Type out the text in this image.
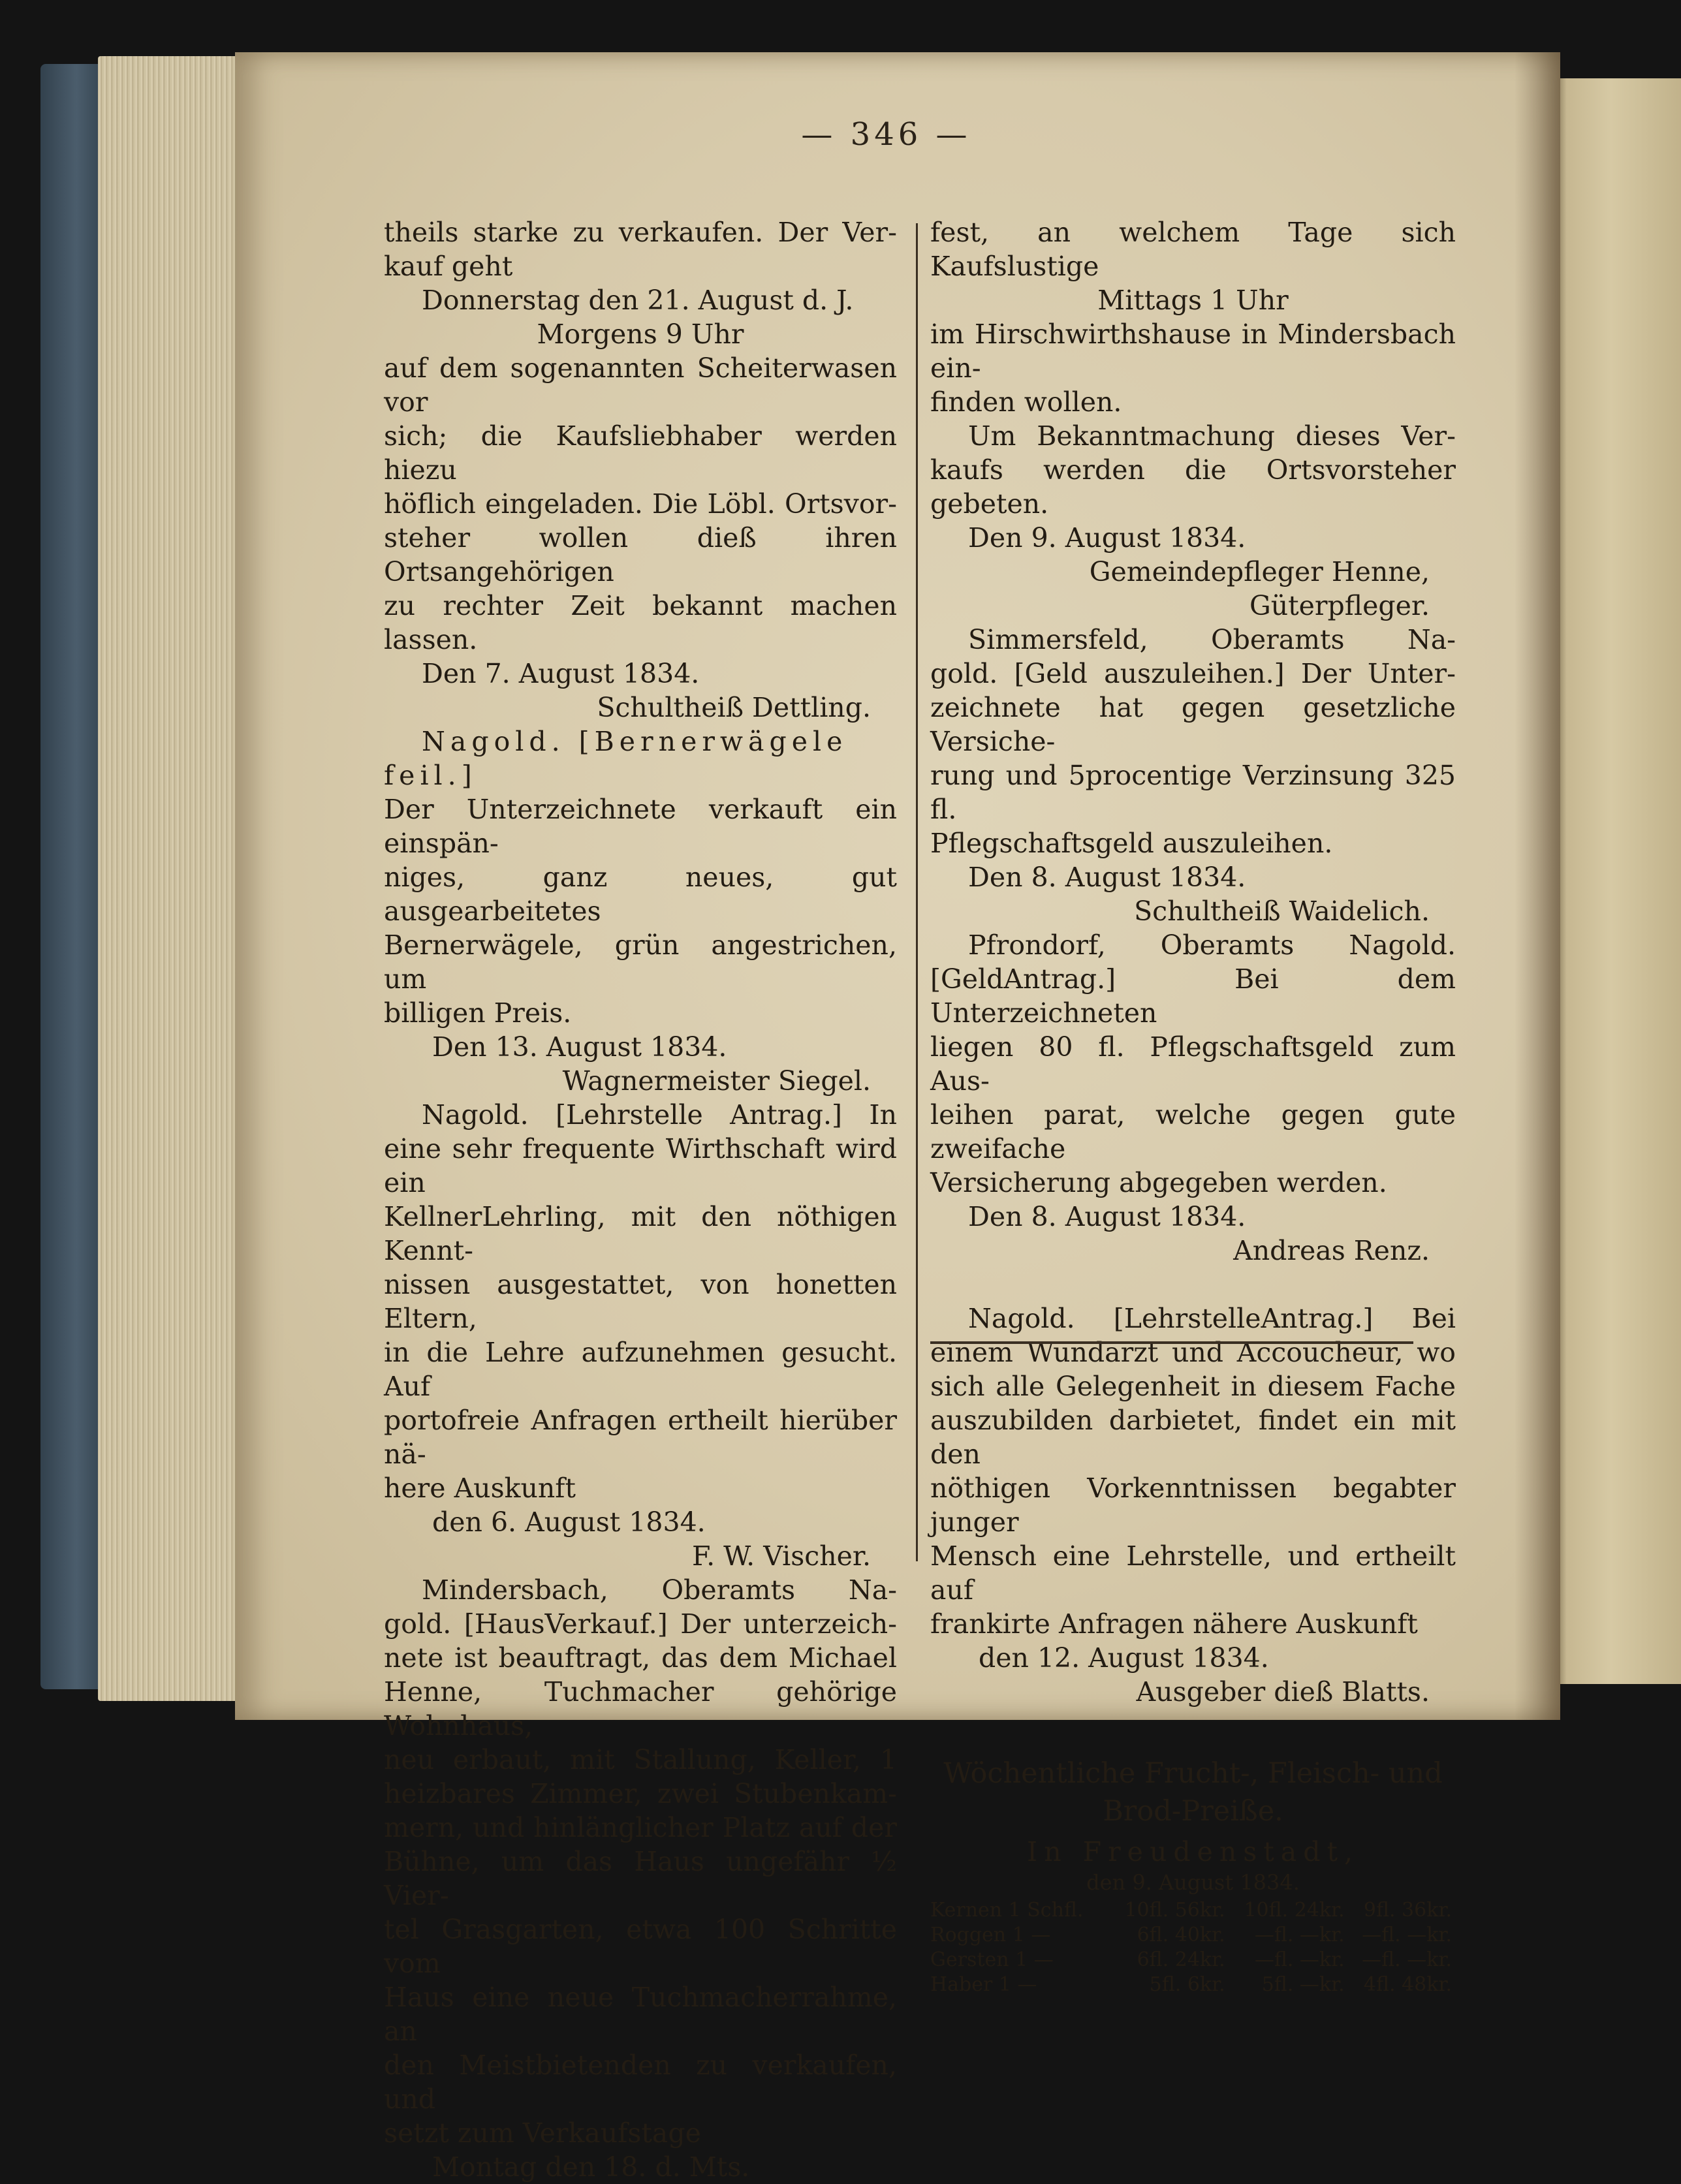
— 346 —

theils starke zu verkaufen. Der Ver-

kauf geht

Donnerstag den 21. August d. J.

Morgens 9 Uhr

auf dem sogenannten Scheiterwasen vor

sich; die Kaufsliebhaber werden hiezu

höflich eingeladen. Die Löbl. Ortsvor-

steher wollen dieß ihren Ortsangehörigen

zu rechter Zeit bekannt machen lassen.

Den 7. August 1834.

Schultheiß Dettling.

Nagold. [Bernerwägele feil.]

Der Unterzeichnete verkauft ein einspän-

niges, ganz neues, gut ausgearbeitetes

Bernerwägele, grün angestrichen, um

billigen Preis.

Den 13. August 1834.

Wagnermeister Siegel.

Nagold. [Lehrstelle Antrag.] In

eine sehr frequente Wirthschaft wird ein

KellnerLehrling, mit den nöthigen Kennt-

nissen ausgestattet, von honetten Eltern,

in die Lehre aufzunehmen gesucht. Auf

portofreie Anfragen ertheilt hierüber nä-

here Auskunft

den 6. August 1834.

F. W. Vischer.

Mindersbach, Oberamts Na-

gold. [HausVerkauf.] Der unterzeich-

nete ist beauftragt, das dem Michael

Henne, Tuchmacher gehörige Wohnhaus,

neu erbaut, mit Stallung, Keller, 1

heizbares Zimmer, zwei Stubenkam-

mern, und hinlänglicher Platz auf der

Bühne, um das Haus ungefähr ½ Vier-

tel Grasgarten, etwa 100 Schritte vom

Haus eine neue Tuchmacherrahme, an

den Meistbietenden zu verkaufen, und

setzt zum Verkaufstage

Montag den 18. d. Mts.

fest, an welchem Tage sich Kaufslustige

Mittags 1 Uhr

im Hirschwirthshause in Mindersbach ein-

finden wollen.

Um Bekanntmachung dieses Ver-

kaufs werden die Ortsvorsteher gebeten.

Den 9. August 1834.

Gemeindepfleger Henne,

Güterpfleger.

Simmersfeld, Oberamts Na-

gold. [Geld auszuleihen.] Der Unter-

zeichnete hat gegen gesetzliche Versiche-

rung und 5procentige Verzinsung 325 fl.

Pflegschaftsgeld auszuleihen.

Den 8. August 1834.

Schultheiß Waidelich.

Pfrondorf, Oberamts Nagold.

[GeldAntrag.] Bei dem Unterzeichneten

liegen 80 fl. Pflegschaftsgeld zum Aus-

leihen parat, welche gegen gute zweifache

Versicherung abgegeben werden.

Den 8. August 1834.

Andreas Renz.

Nagold. [LehrstelleAntrag.] Bei

einem Wundarzt und Accoucheur, wo

sich alle Gelegenheit in diesem Fache

auszubilden darbietet, findet ein mit den

nöthigen Vorkenntnissen begabter junger

Mensch eine Lehrstelle, und ertheilt auf

frankirte Anfragen nähere Auskunft

den 12. August 1834.

Ausgeber dieß Blatts.

Wöchentliche Frucht-, Fleisch- und

Brod-Preiße.

In Freudenstadt,

den 9. August 1834.

Kernen 1 Schfl.	10fl. 56kr.	10fl. 24kr.	9fl. 36kr.
Roggen 1 —	6fl. 40kr.	—fl. —kr.	—fl. —kr.
Gersten 1 —	6fl. 24kr.	—fl. —kr.	—fl. —kr.
Haber 1 —	5fl. 6kr.	5fl. —kr.	4fl. 48kr.
